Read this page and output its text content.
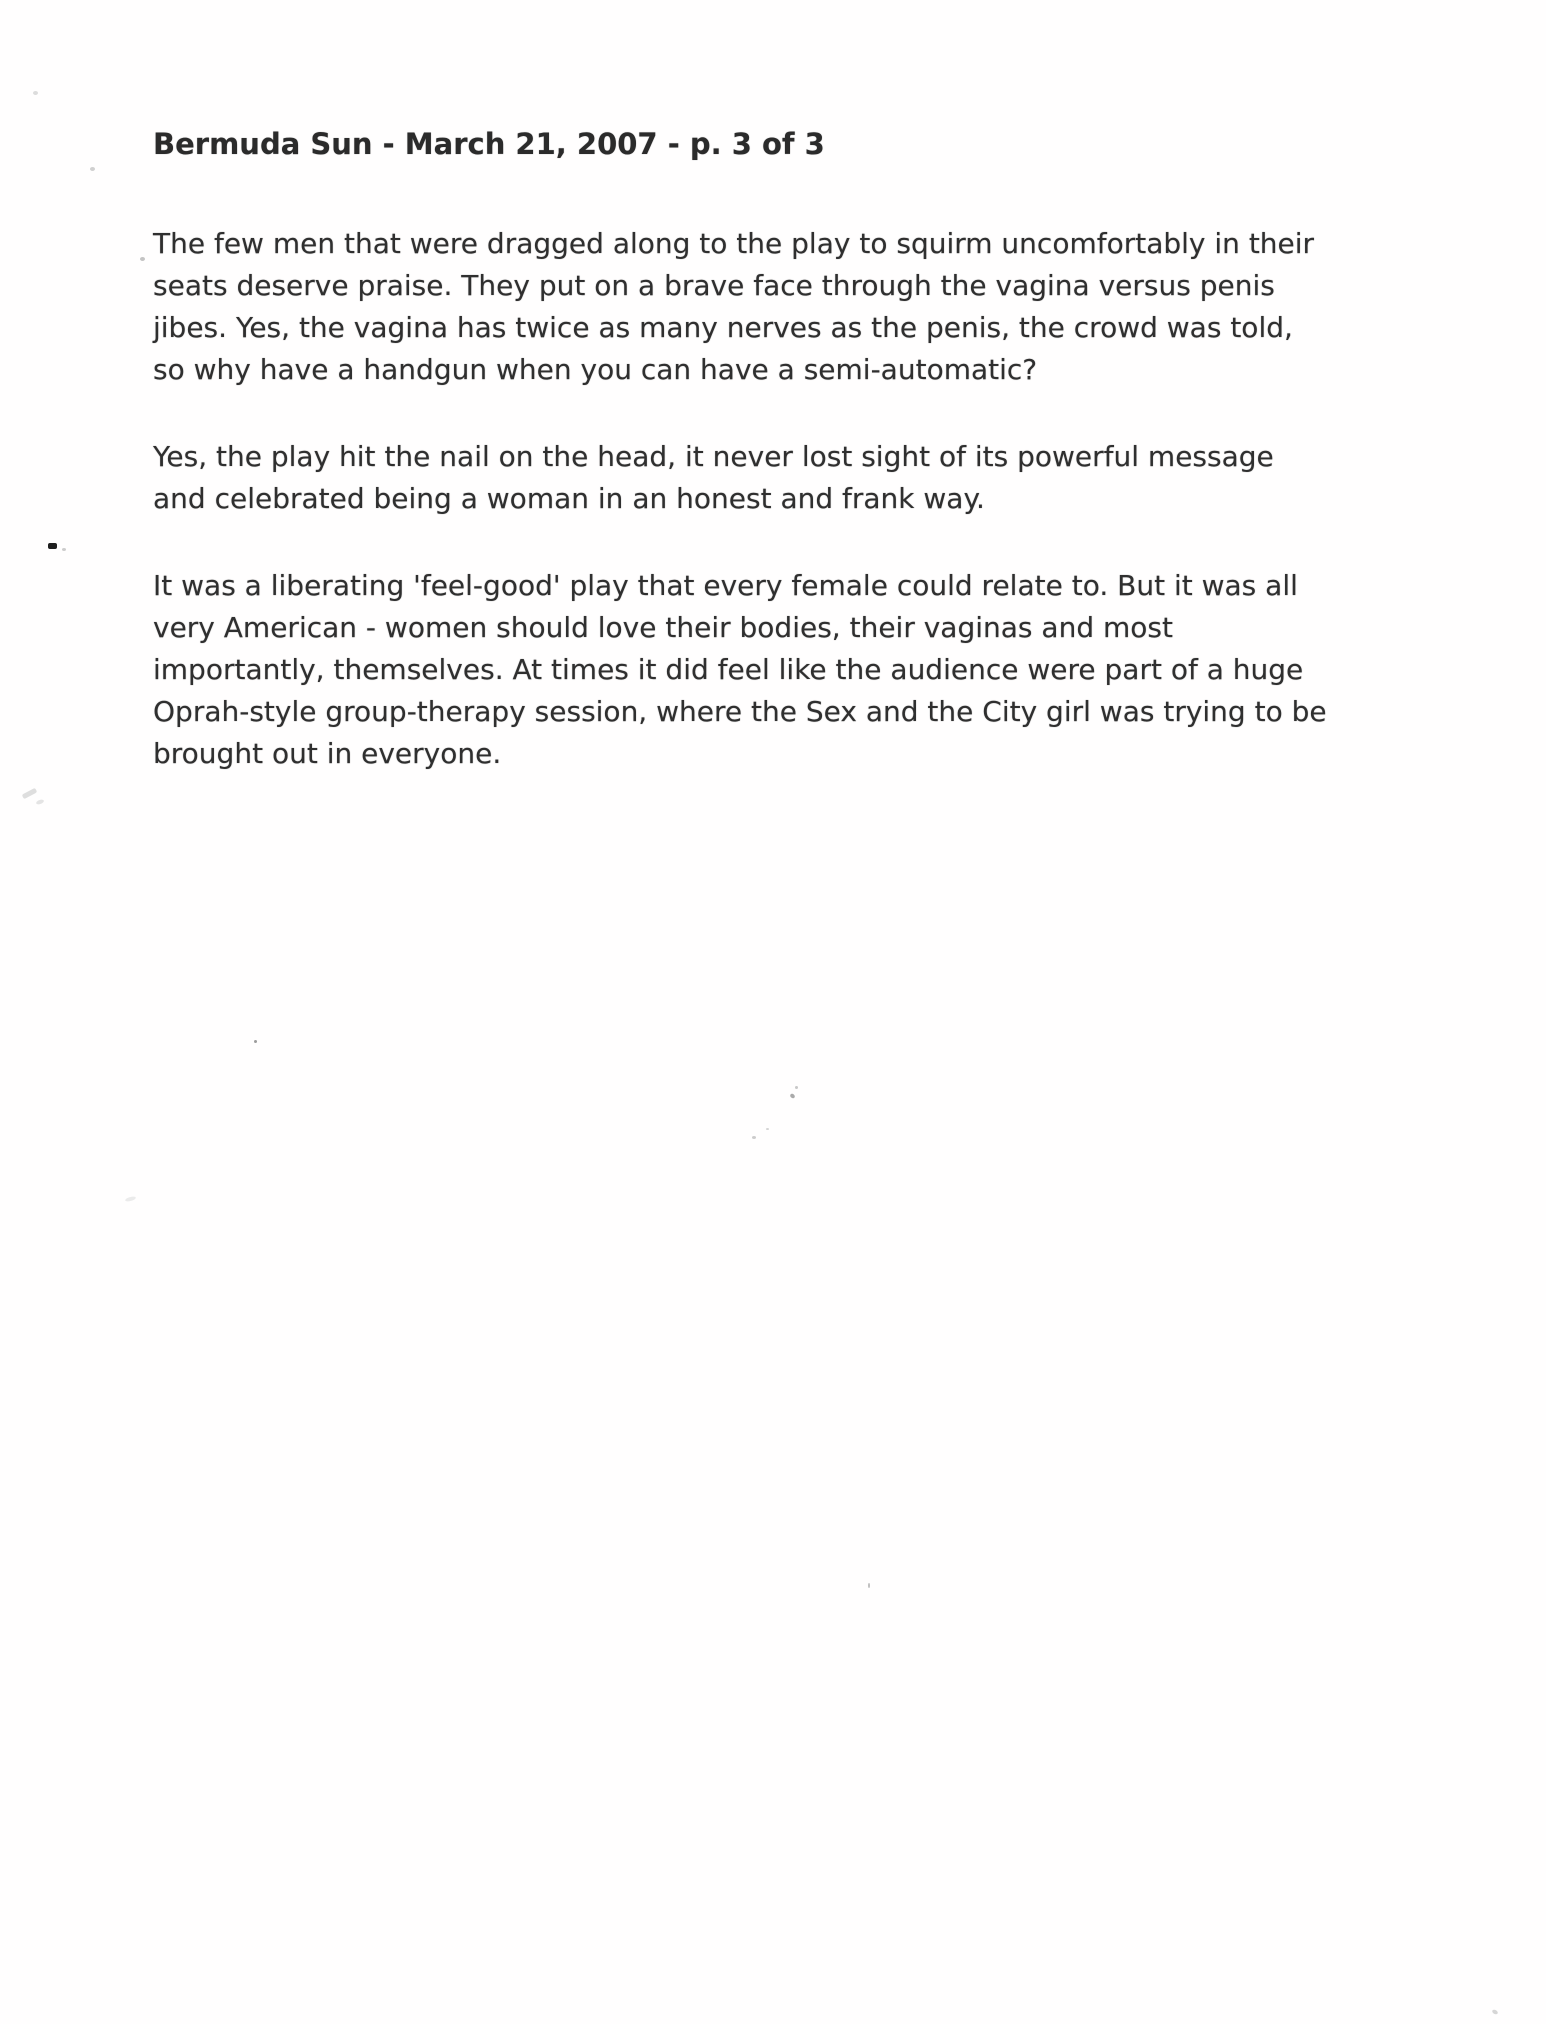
Bermuda Sun - March 21, 2007 - p. 3 of 3
The few men that were dragged along to the play to squirm uncomfortably in their
seats deserve praise. They put on a brave face through the vagina versus penis
jibes. Yes, the vagina has twice as many nerves as the penis, the crowd was told,
so why have a handgun when you can have a semi-automatic?
Yes, the play hit the nail on the head, it never lost sight of its powerful message
and celebrated being a woman in an honest and frank way.
It was a liberating 'feel-good' play that every female could relate to. But it was all
very American - women should love their bodies, their vaginas and most
importantly, themselves. At times it did feel like the audience were part of a huge
Oprah-style group-therapy session, where the Sex and the City girl was trying to be
brought out in everyone.
